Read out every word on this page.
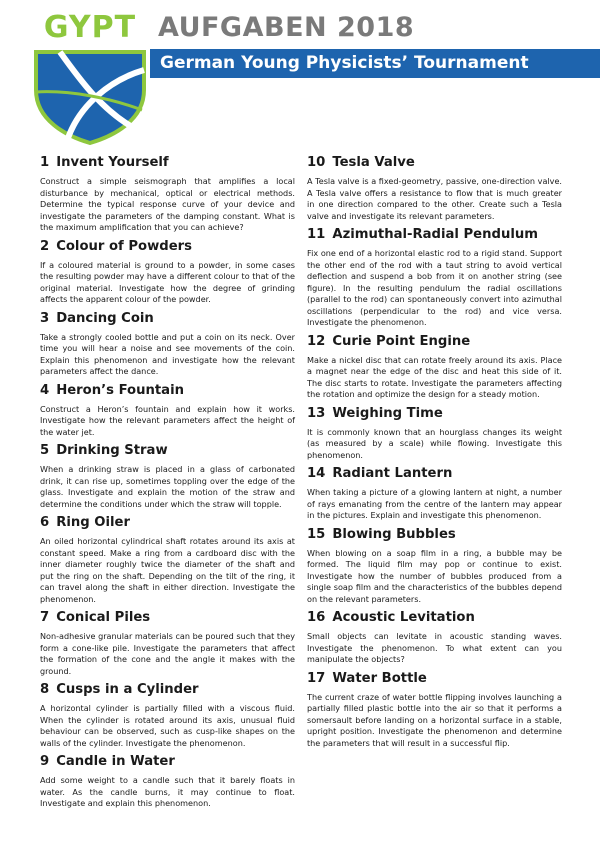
GYPT AUFGABEN 2018
German Young Physicists’ Tournament
1 Invent Yourself

Construct a simple seismograph that amplifies a local disturbance by mechanical, optical or electrical methods. Determine the typical response curve of your device and investigate the parameters of the damping constant. What is the maximum amplification that you can achieve?

2 Colour of Powders

If a coloured material is ground to a powder, in some cases the resulting powder may have a different colour to that of the original material. Investigate how the degree of grinding affects the apparent colour of the powder.

3 Dancing Coin

Take a strongly cooled bottle and put a coin on its neck. Over time you will hear a noise and see movements of the coin. Explain this phenomenon and investigate how the relevant parameters affect the dance.

4 Heron’s Fountain

Construct a Heron’s fountain and explain how it works. Investigate how the relevant parameters affect the height of the water jet.

5 Drinking Straw

When a drinking straw is placed in a glass of carbonated drink, it can rise up, sometimes toppling over the edge of the glass. Investigate and explain the motion of the straw and determine the conditions under which the straw will topple.

6 Ring Oiler

An oiled horizontal cylindrical shaft rotates around its axis at constant speed. Make a ring from a cardboard disc with the inner diameter roughly twice the diameter of the shaft and put the ring on the shaft. Depending on the tilt of the ring, it can travel along the shaft in either direction. Investigate the phenomenon.

7 Conical Piles

Non-adhesive granular materials can be poured such that they form a cone-like pile. Investigate the parameters that affect the formation of the cone and the angle it makes with the ground.

8 Cusps in a Cylinder

A horizontal cylinder is partially filled with a viscous fluid. When the cylinder is rotated around its axis, unusual fluid behaviour can be observed, such as cusp-like shapes on the walls of the cylinder. Investigate the phenomenon.

9 Candle in Water

Add some weight to a candle such that it barely floats in water. As the candle burns, it may continue to float. Investigate and explain this phenomenon.

10 Tesla Valve

A Tesla valve is a fixed-geometry, passive, one-direction valve. A Tesla valve offers a resistance to flow that is much greater in one direction compared to the other. Create such a Tesla valve and investigate its relevant parameters.

11 Azimuthal-Radial Pendulum

Fix one end of a horizontal elastic rod to a rigid stand. Support the other end of the rod with a taut string to avoid vertical deflection and suspend a bob from it on another string (see figure). In the resulting pendulum the radial oscillations (parallel to the rod) can spontaneously convert into azimuthal oscillations (perpendicular to the rod) and vice versa. Investigate the phenomenon.

12 Curie Point Engine

Make a nickel disc that can rotate freely around its axis. Place a magnet near the edge of the disc and heat this side of it. The disc starts to rotate. Investigate the parameters affecting the rotation and optimize the design for a steady motion.

13 Weighing Time

It is commonly known that an hourglass changes its weight (as measured by a scale) while flowing. Investigate this phenomenon.

14 Radiant Lantern

When taking a picture of a glowing lantern at night, a number of rays emanating from the centre of the lantern may appear in the pictures. Explain and investigate this phenomenon.

15 Blowing Bubbles

When blowing on a soap film in a ring, a bubble may be formed. The liquid film may pop or continue to exist. Investigate how the number of bubbles produced from a single soap film and the characteristics of the bubbles depend on the relevant parameters.

16 Acoustic Levitation

Small objects can levitate in acoustic standing waves. Investigate the phenomenon. To what extent can you manipulate the objects?

17 Water Bottle

The current craze of water bottle flipping involves launching a partially filled plastic bottle into the air so that it performs a somersault before landing on a horizontal surface in a stable, upright position. Investigate the phenomenon and determine the parameters that will result in a successful flip.
